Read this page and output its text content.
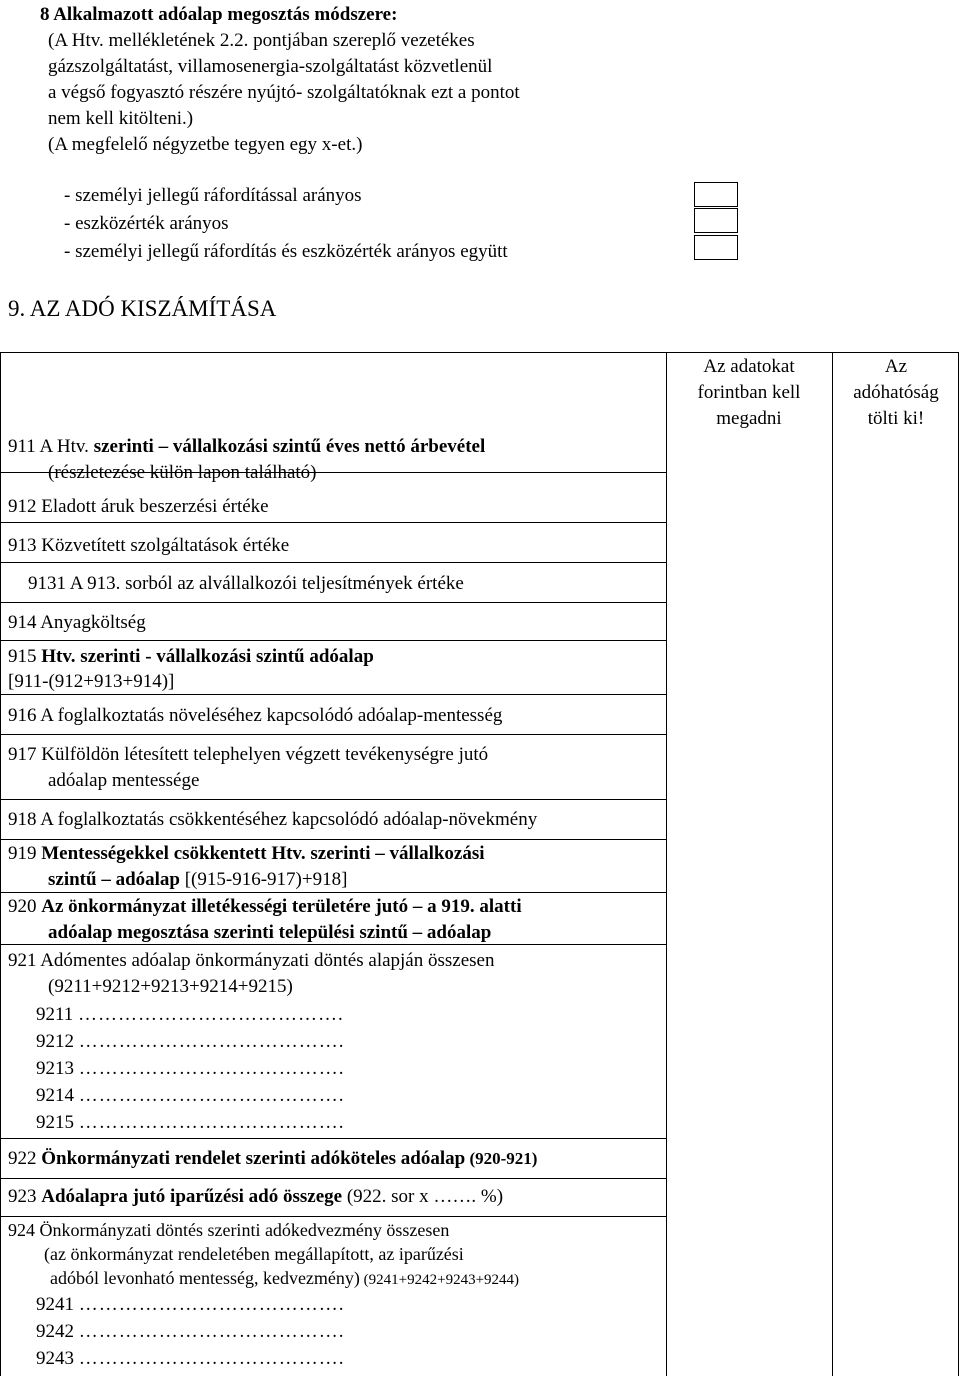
8 Alkalmazott adóalap megosztás módszere:
(A Htv. mellékletének 2.2. pontjában szereplő vezetékes
gázszolgáltatást, villamosenergia-szolgáltatást közvetlenül
a végső fogyasztó részére nyújtó- szolgáltatóknak ezt a pontot
nem kell kitölteni.)
(A megfelelő négyzetbe tegyen egy x-et.)
- személyi jellegű ráfordítással arányos
- eszközérték arányos
- személyi jellegű ráfordítás és eszközérték arányos együtt
9. AZ ADÓ KISZÁMÍTÁSA
Az adatokat
forintban kell
megadni
Az
adóhatóság
tölti ki!
911 A Htv. szerinti – vállalkozási szintű éves nettó árbevétel
(részletezése külön lapon található)
912 Eladott áruk beszerzési értéke
913 Közvetített szolgáltatások értéke
9131 A 913. sorból az alvállalkozói teljesítmények értéke
914 Anyagköltség
915 Htv. szerinti - vállalkozási szintű adóalap
[911-(912+913+914)]
916 A foglalkoztatás növeléséhez kapcsolódó adóalap-mentesség
917 Külföldön létesített telephelyen végzett tevékenységre jutó
adóalap mentessége
918 A foglalkoztatás csökkentéséhez kapcsolódó adóalap-növekmény
919 Mentességekkel csökkentett Htv. szerinti – vállalkozási
szintű – adóalap [(915-916-917)+918]
920 Az önkormányzat illetékességi területére jutó – a 919. alatti
adóalap megosztása szerinti települési szintű – adóalap
921 Adómentes adóalap önkormányzati döntés alapján összesen
(9211+9212+9213+9214+9215)
9211 ………………………………….
9212 ………………………………….
9213 ………………………………….
9214 ………………………………….
9215 ………………………………….
922 Önkormányzati rendelet szerinti adóköteles adóalap (920-921)
923 Adóalapra jutó iparűzési adó összege (922. sor x ……. %)
924 Önkormányzati döntés szerinti adókedvezmény összesen
(az önkormányzat rendeletében megállapított, az iparűzési
adóból levonható mentesség, kedvezmény) (9241+9242+9243+9244)
9241 ………………………………….
9242 ………………………………….
9243 ………………………………….
